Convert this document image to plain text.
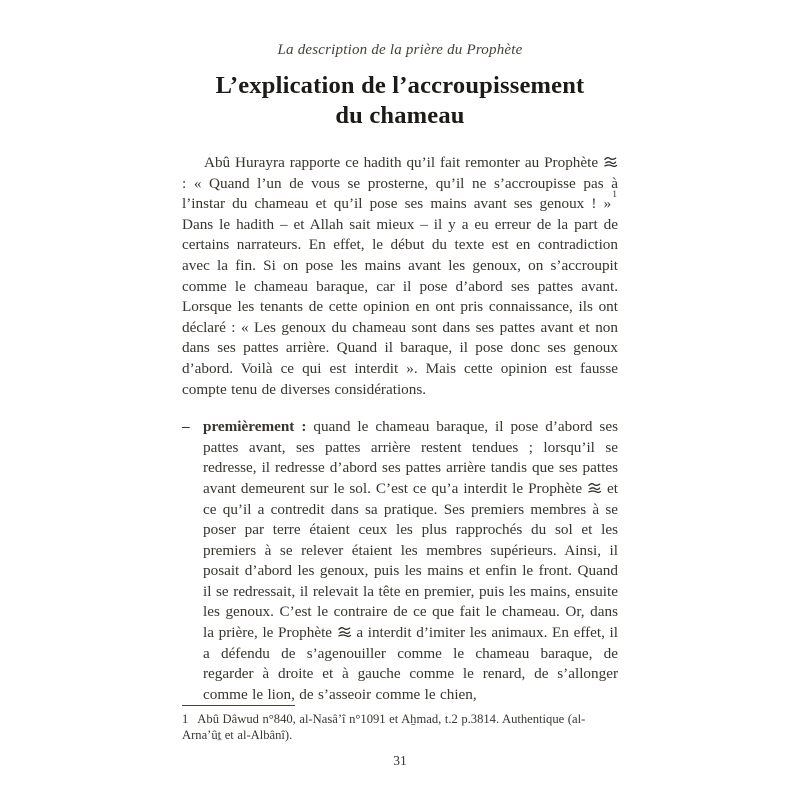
La description de la prière du Prophète
L’explication de l’accroupissement
du chameau

Abû Hurayra rapporte ce hadith qu’il fait remonter au Prophète
: « Quand l’un de vous se prosterne, qu’il ne s’accroupisse pas à l’instar du chameau et qu’il pose ses mains avant ses genoux ! »$^1$ Dans le hadith – et Allah sait mieux – il y a eu erreur de la part de certains narrateurs. En effet, le début du texte est en contradiction avec la fin. Si on pose les mains avant les genoux, on s’accroupit comme le chameau baraque, car il pose d’abord ses pattes avant. Lorsque les tenants de cette opinion en ont pris connaissance, ils ont déclaré : « Les genoux du chameau sont dans ses pattes avant et non dans ses pattes arrière. Quand il baraque, il pose donc ses genoux d’abord. Voilà ce qui est interdit ». Mais cette opinion est fausse compte tenu de diverses considérations.

– premièrement : quand le chameau baraque, il pose d’abord ses pattes avant, ses pattes arrière restent tendues ; lorsqu’il se redresse, il redresse d’abord ses pattes arrière tandis que ses pattes avant demeurent sur le sol. C’est ce qu’a interdit le Prophète
et ce qu’il a contredit dans sa pratique. Ses premiers membres à se poser par terre étaient ceux les plus rapprochés du sol et les premiers à se relever étaient les membres supérieurs. Ainsi, il posait d’abord les genoux, puis les mains et enfin le front. Quand il se redressait, il relevait la tête en premier, puis les mains, ensuite les genoux. C’est le contraire de ce que fait le chameau. Or, dans la prière, le Prophète
a interdit d’imiter les animaux. En effet, il a défendu de s’agenouiller comme le chameau baraque, de regarder à droite et à gauche comme le renard, de s’allonger comme le lion, de s’asseoir comme le chien,

1 Abû Dâwud n°840, al-Nasâ’î n°1091 et Aẖmad, t.2 p.3814. Authentique (al-Arna’ûṯ et al-Albânî).

31
